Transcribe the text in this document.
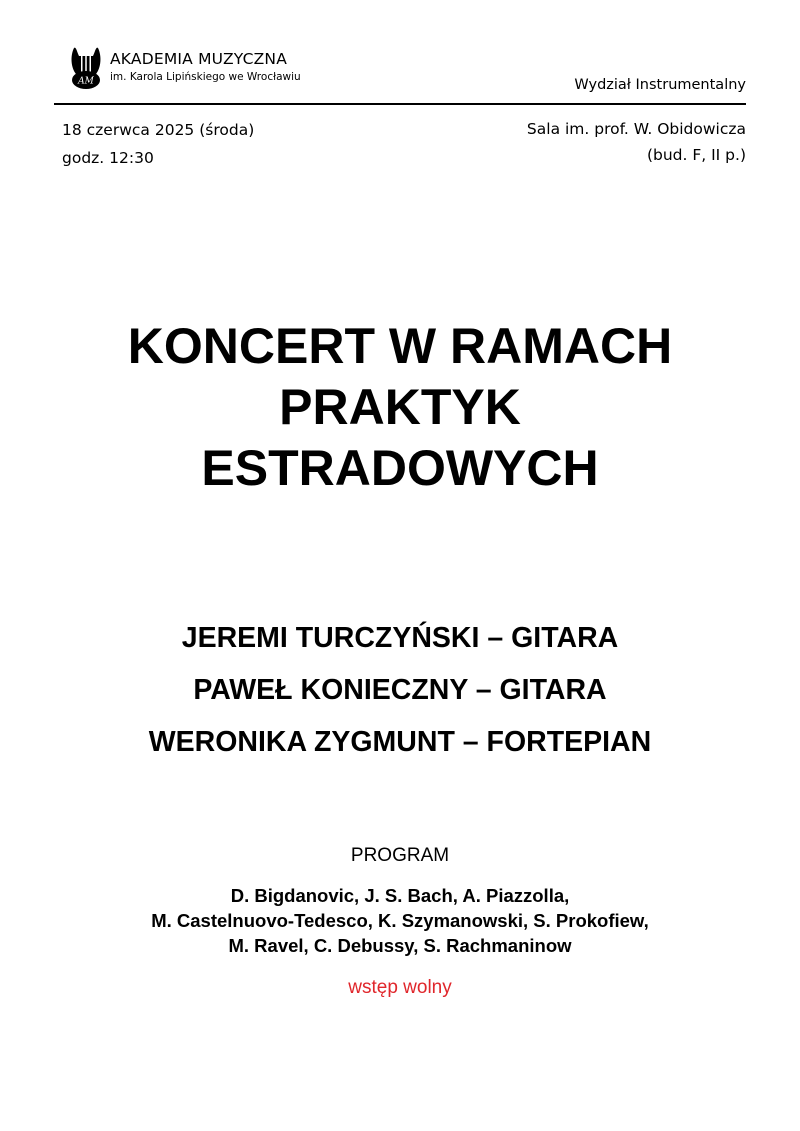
AM
AKADEMIA MUZYCZNA
im. Karola Lipińskiego we Wrocławiu	Wydział Instrumentalny
18 czerwca 2025 (środa)
godz. 12:30
Sala im. prof. W. Obidowicza
(bud. F, II p.)
KONCERT W RAMACH
PRAKTYK
ESTRADOWYCH
JEREMI TURCZYŃSKI – GITARA
PAWEŁ KONIECZNY – GITARA
WERONIKA ZYGMUNT – FORTEPIAN
PROGRAM
D. Bigdanovic, J. S. Bach, A. Piazzolla,
M. Castelnuovo-Tedesco, K. Szymanowski, S. Prokofiew,
M. Ravel, C. Debussy, S. Rachmaninow
wstęp wolny
